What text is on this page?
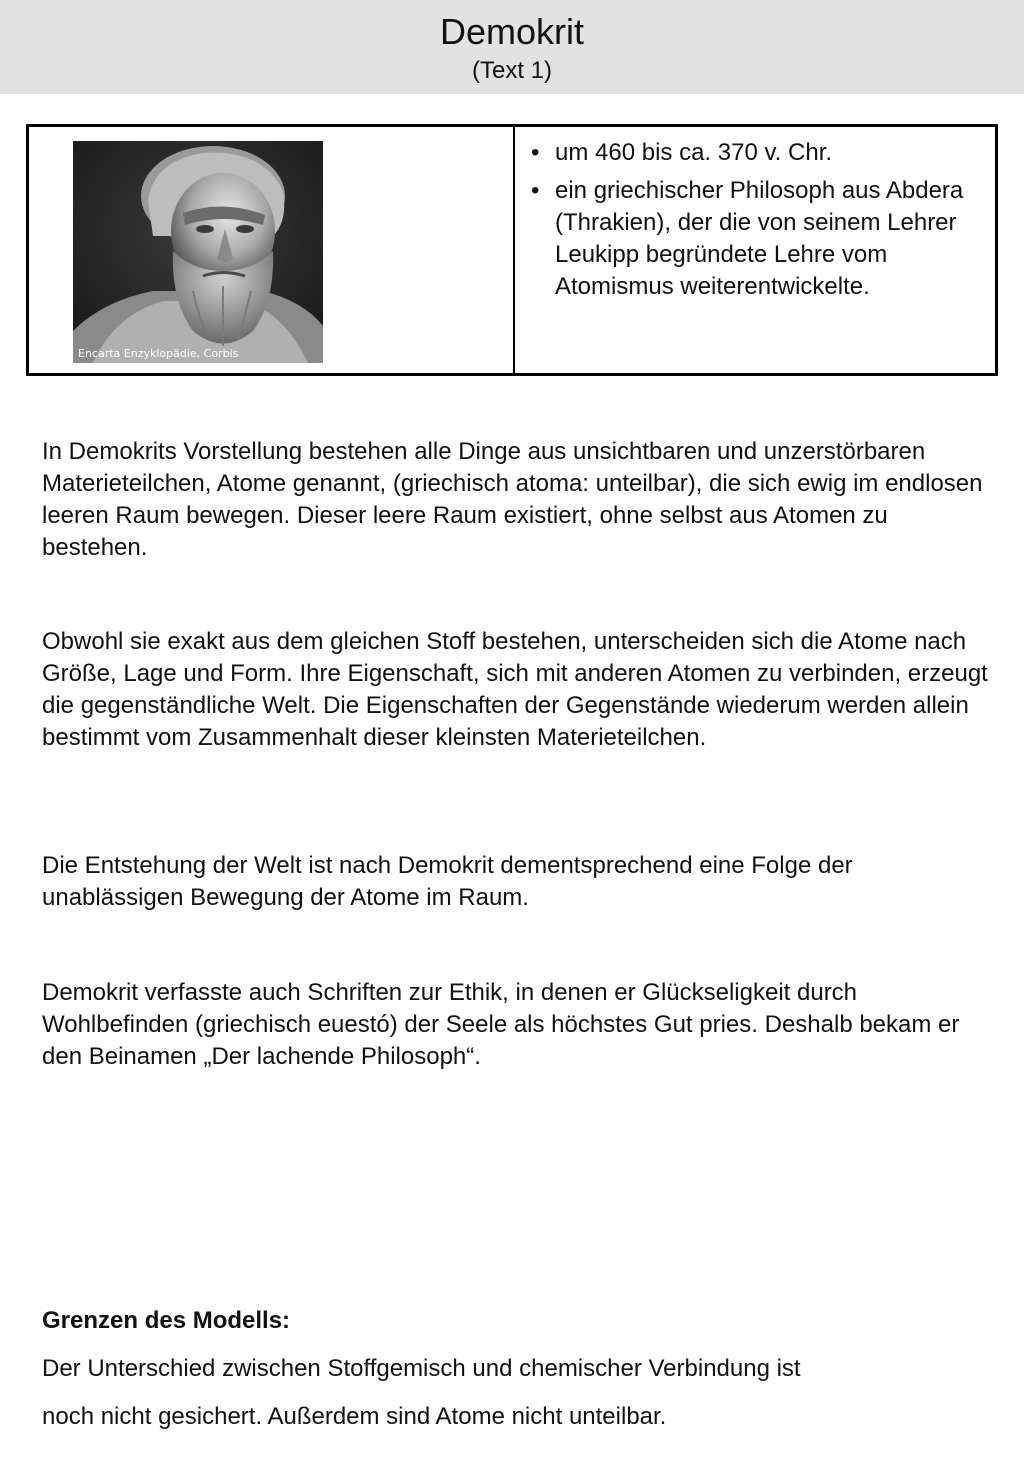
Demokrit
(Text 1)
Encarta Enzyklopädie, Corbis
• um 460 bis ca. 370 v. Chr.
• ein griechischer Philosoph aus Abdera (Thrakien), der die von seinem Lehrer Leukipp begründete Lehre vom Atomismus weiterentwickelte.

In Demokrits Vorstellung bestehen alle Dinge aus unsichtbaren und unzerstörbaren Materieteilchen, Atome genannt, (griechisch atoma: unteilbar), die sich ewig im endlosen leeren Raum bewegen. Dieser leere Raum existiert, ohne selbst aus Atomen zu bestehen.

Obwohl sie exakt aus dem gleichen Stoff bestehen, unterscheiden sich die Atome nach Größe, Lage und Form. Ihre Eigenschaft, sich mit anderen Atomen zu verbinden, erzeugt die gegenständliche Welt. Die Eigenschaften der Gegenstände wiederum werden allein bestimmt vom Zusammenhalt dieser kleinsten Materieteilchen.

Die Entstehung der Welt ist nach Demokrit dementsprechend eine Folge der unablässigen Bewegung der Atome im Raum.

Demokrit verfasste auch Schriften zur Ethik, in denen er Glückseligkeit durch Wohlbefinden (griechisch euestó) der Seele als höchstes Gut pries. Deshalb bekam er den Beinamen „Der lachende Philosoph“.

Grenzen des Modells:
Der Unterschied zwischen Stoffgemisch und chemischer Verbindung ist
noch nicht gesichert. Außerdem sind Atome nicht unteilbar.
